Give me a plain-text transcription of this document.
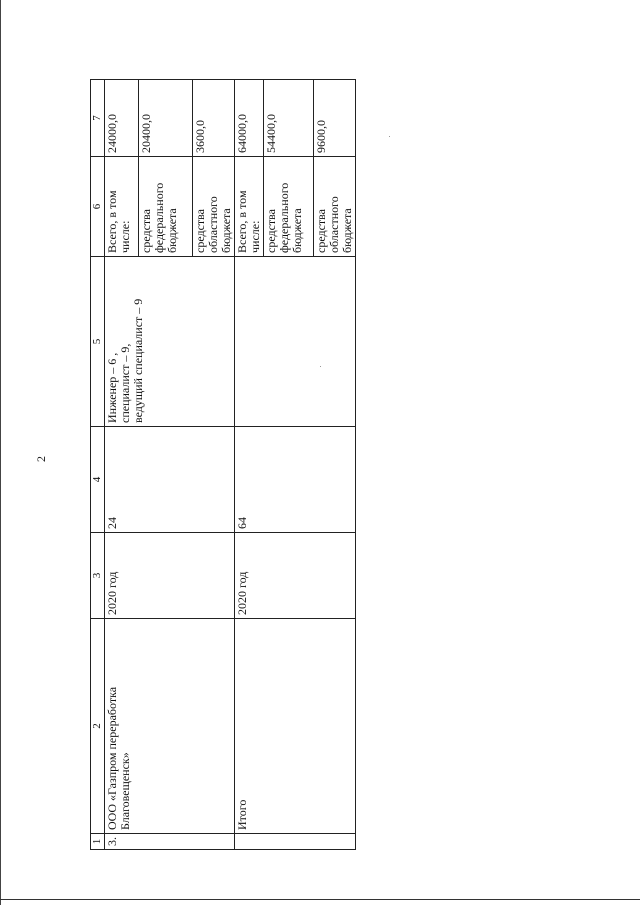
2
1	2	3	4	5	6	7
3.	ООО «Газпром переработка Благовещенск»	2020 год	24	Инженер – 6 , специалист – 9, ведущий специалист – 9	Всего, в том числе:	24000,0
					средства федерального бюджета	20400,0
					средства областного бюджета	3600,0
	Итого	2020 год	64		Всего, в том числе:	64000,0
					средства федерального бюджета	54400,0
					средства областного бюджета	9600,0
